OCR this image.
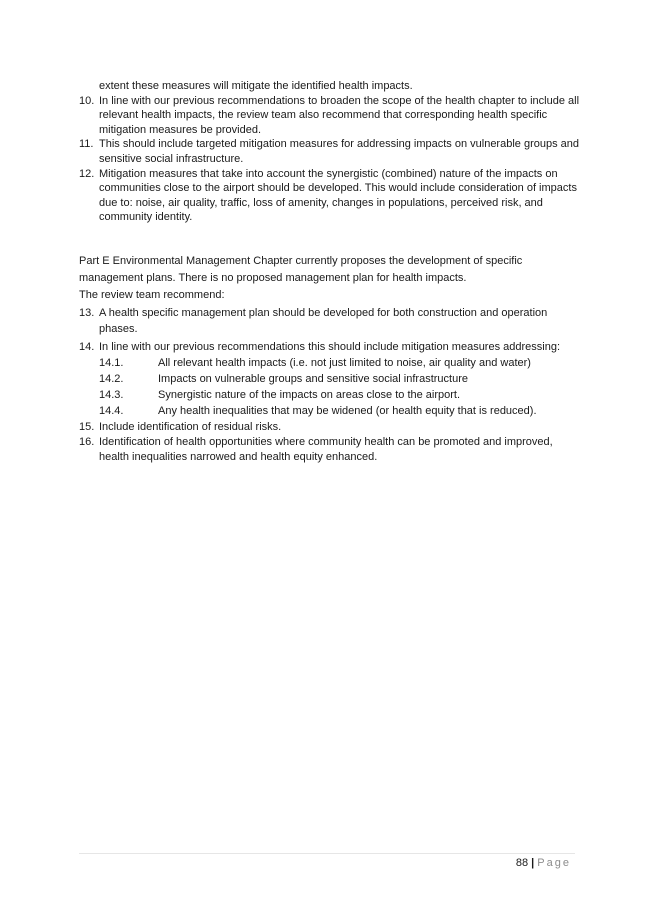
extent these measures will mitigate the identified health impacts.
10. In line with our previous recommendations to broaden the scope of the health chapter to include all relevant health impacts, the review team also recommend that corresponding health specific mitigation measures be provided.
11. This should include targeted mitigation measures for addressing impacts on vulnerable groups and sensitive social infrastructure.
12. Mitigation measures that take into account the synergistic (combined) nature of the impacts on communities close to the airport should be developed. This would include consideration of impacts due to: noise, air quality, traffic, loss of amenity, changes in populations, perceived risk, and community identity.
Part E Environmental Management Chapter currently proposes the development of specific management plans. There is no proposed management plan for health impacts.
The review team recommend:
13. A health specific management plan should be developed for both construction and operation phases.
14. In line with our previous recommendations this should include mitigation measures addressing:
14.1.	All relevant health impacts (i.e. not just limited to noise, air quality and water)
14.2.	Impacts on vulnerable groups and sensitive social infrastructure
14.3.	Synergistic nature of the impacts on areas close to the airport.
14.4.	Any health inequalities that may be widened (or health equity that is reduced).
15. Include identification of residual risks.
16. Identification of health opportunities where community health can be promoted and improved, health inequalities narrowed and health equity enhanced.
88 | Page
